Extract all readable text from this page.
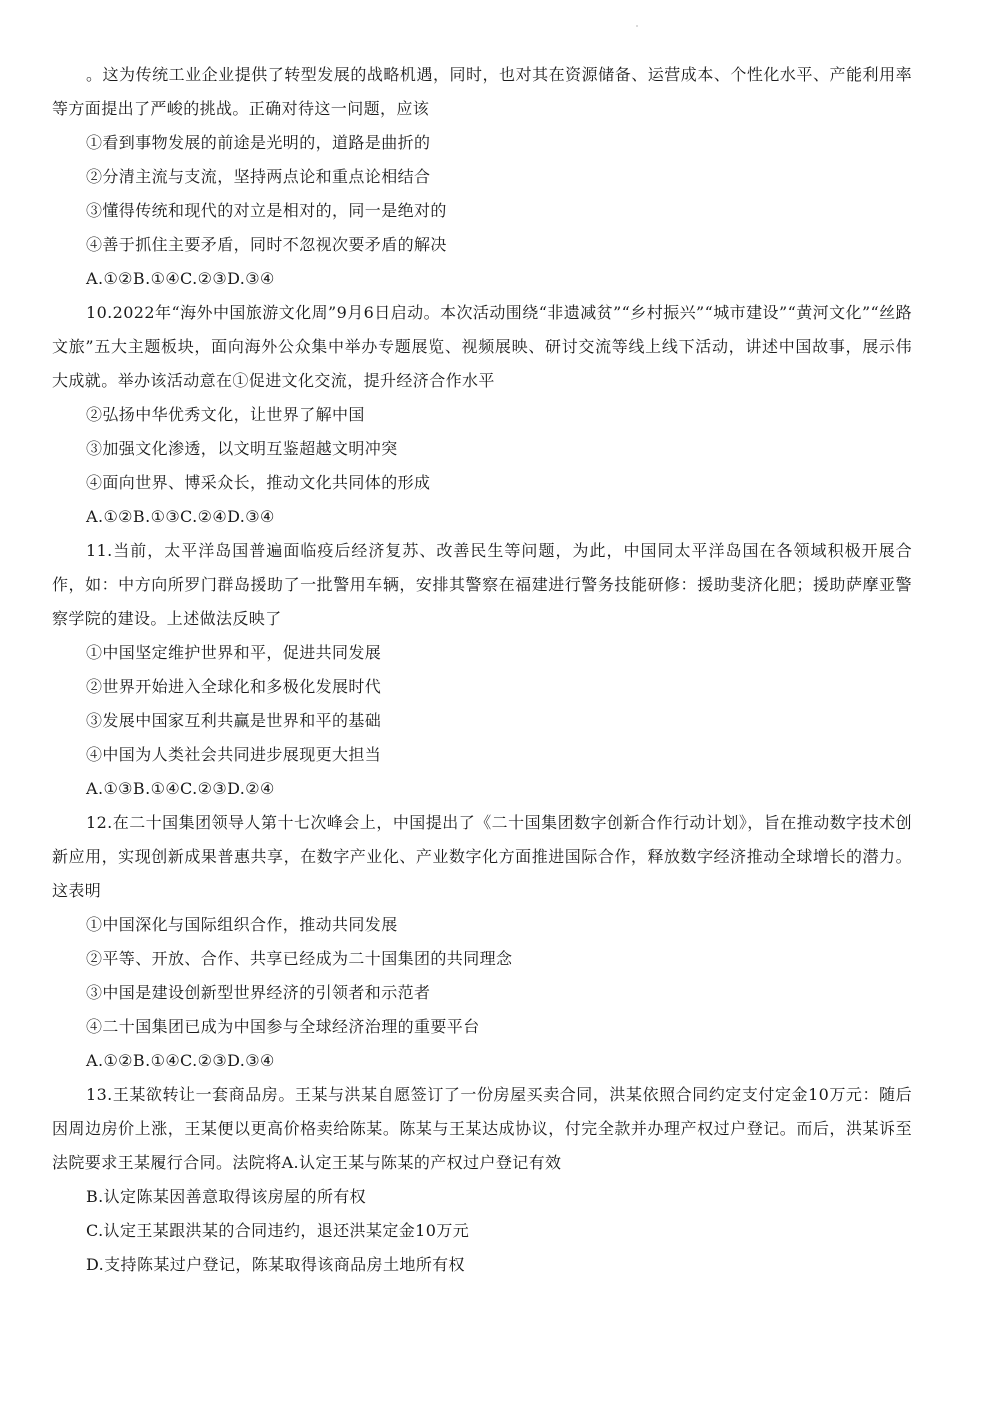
。这为传统工业企业提供了转型发展的战略机遇，同时，也对其在资源储备、运营成本、个性化水平、产能利用率等方面提出了严峻的挑战。正确对待这一问题，应该

①看到事物发展的前途是光明的，道路是曲折的

②分清主流与支流，坚持两点论和重点论相结合

③懂得传统和现代的对立是相对的，同一是绝对的

④善于抓住主要矛盾，同时不忽视次要矛盾的解决

A.①②B.①④C.②③D.③④

10.2022年“海外中国旅游文化周”9月6日启动。本次活动围绕“非遗减贫”“乡村振兴”“城市建设”“黄河文化”“丝路文旅”五大主题板块，面向海外公众集中举办专题展览、视频展映、研讨交流等线上线下活动，讲述中国故事，展示伟大成就。举办该活动意在①促进文化交流，提升经济合作水平

②弘扬中华优秀文化，让世界了解中国

③加强文化渗透，以文明互鉴超越文明冲突

④面向世界、博采众长，推动文化共同体的形成

A.①②B.①③C.②④D.③④

11.当前，太平洋岛国普遍面临疫后经济复苏、改善民生等问题，为此，中国同太平洋岛国在各领域积极开展合作，如：中方向所罗门群岛援助了一批警用车辆，安排其警察在福建进行警务技能研修：援助斐济化肥；援助萨摩亚警察学院的建设。上述做法反映了

①中国坚定维护世界和平，促进共同发展

②世界开始进入全球化和多极化发展时代

③发展中国家互利共赢是世界和平的基础

④中国为人类社会共同进步展现更大担当

A.①③B.①④C.②③D.②④

12.在二十国集团领导人第十七次峰会上，中国提出了《二十国集团数字创新合作行动计划》，旨在推动数字技术创新应用，实现创新成果普惠共享，在数字产业化、产业数字化方面推进国际合作，释放数字经济推动全球增长的潜力。这表明

①中国深化与国际组织合作，推动共同发展

②平等、开放、合作、共享已经成为二十国集团的共同理念

③中国是建设创新型世界经济的引领者和示范者

④二十国集团已成为中国参与全球经济治理的重要平台

A.①②B.①④C.②③D.③④

13.王某欲转让一套商品房。王某与洪某自愿签订了一份房屋买卖合同，洪某依照合同约定支付定金10万元：随后因周边房价上涨，王某便以更高价格卖给陈某。陈某与王某达成协议，付完全款并办理产权过户登记。而后，洪某诉至法院要求王某履行合同。法院将A.认定王某与陈某的产权过户登记有效

B.认定陈某因善意取得该房屋的所有权

C.认定王某跟洪某的合同违约，退还洪某定金10万元

D.支持陈某过户登记，陈某取得该商品房土地所有权
